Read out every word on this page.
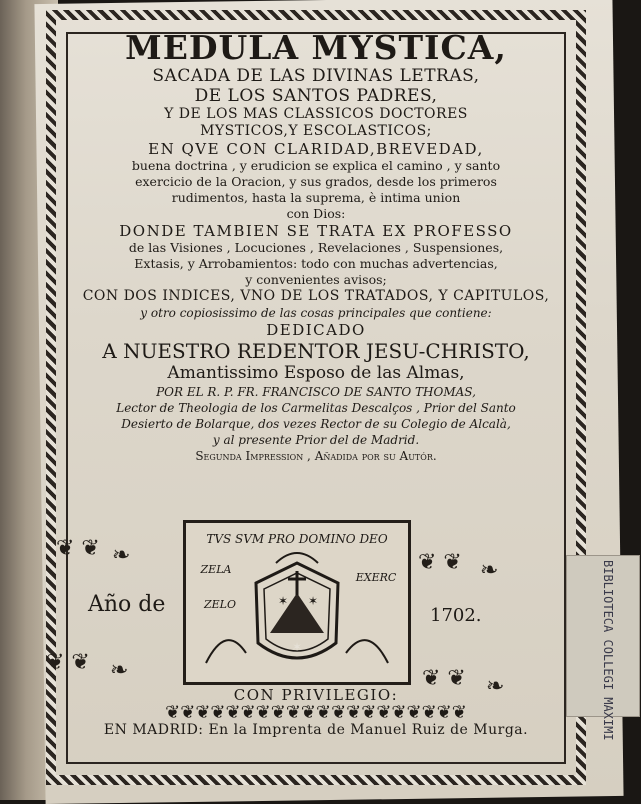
MEDULA MYSTICA,
SACADA DE LAS DIVINAS LETRAS,
DE LOS SANTOS PADRES,
Y DE LOS MAS CLASSICOS DOCTORES
MYSTICOS,Y ESCOLASTICOS;
EN QVE CON CLARIDAD,BREVEDAD,
buena doctrina , y erudicion se explica el camino , y santo
exercicio de la Oracion, y sus grados, desde los primeros
rudimentos, hasta la suprema, è intima union
con Dios:
DONDE TAMBIEN SE TRATA EX PROFESSO
de las Visiones , Locuciones , Revelaciones , Suspensiones,
Extasis, y Arrobamientos: todo con muchas advertencias,
y convenientes avisos;
CON DOS INDICES, VNO DE LOS TRATADOS, Y CAPITULOS,
y otro copiosissimo de las cosas principales que contiene:
DEDICADO
A NUESTRO REDENTOR JESU-CHRISTO,
Amantissimo Esposo de las Almas,
POR EL R. P. FR. FRANCISCO DE SANTO THOMAS,
Lector de Theologia de los Carmelitas Descalços , Prior del Santo
Desierto de Bolarque, dos vezes Rector de su Colegio de Alcalà,
y al presente Prior del de Madrid.
Segunda Impression , Añadida por su Autór.
❦ ❦ ❧	❦ ❦ ❧
❦ ❦ ❧	❦ ❦ ❧
TVS SVM PRO DOMINO DEO
ZELA
EXERC
ZELO	✶ ✶
✶
Año de	1702.
CON PRIVILEGIO:
❦❦❦❦❦❦❦❦❦❦❦❦❦❦❦❦❦❦❦❦
EN MADRID: En la Imprenta de Manuel Ruiz de Murga.
BIBLIOTECA COLLEGI MAXIMI
